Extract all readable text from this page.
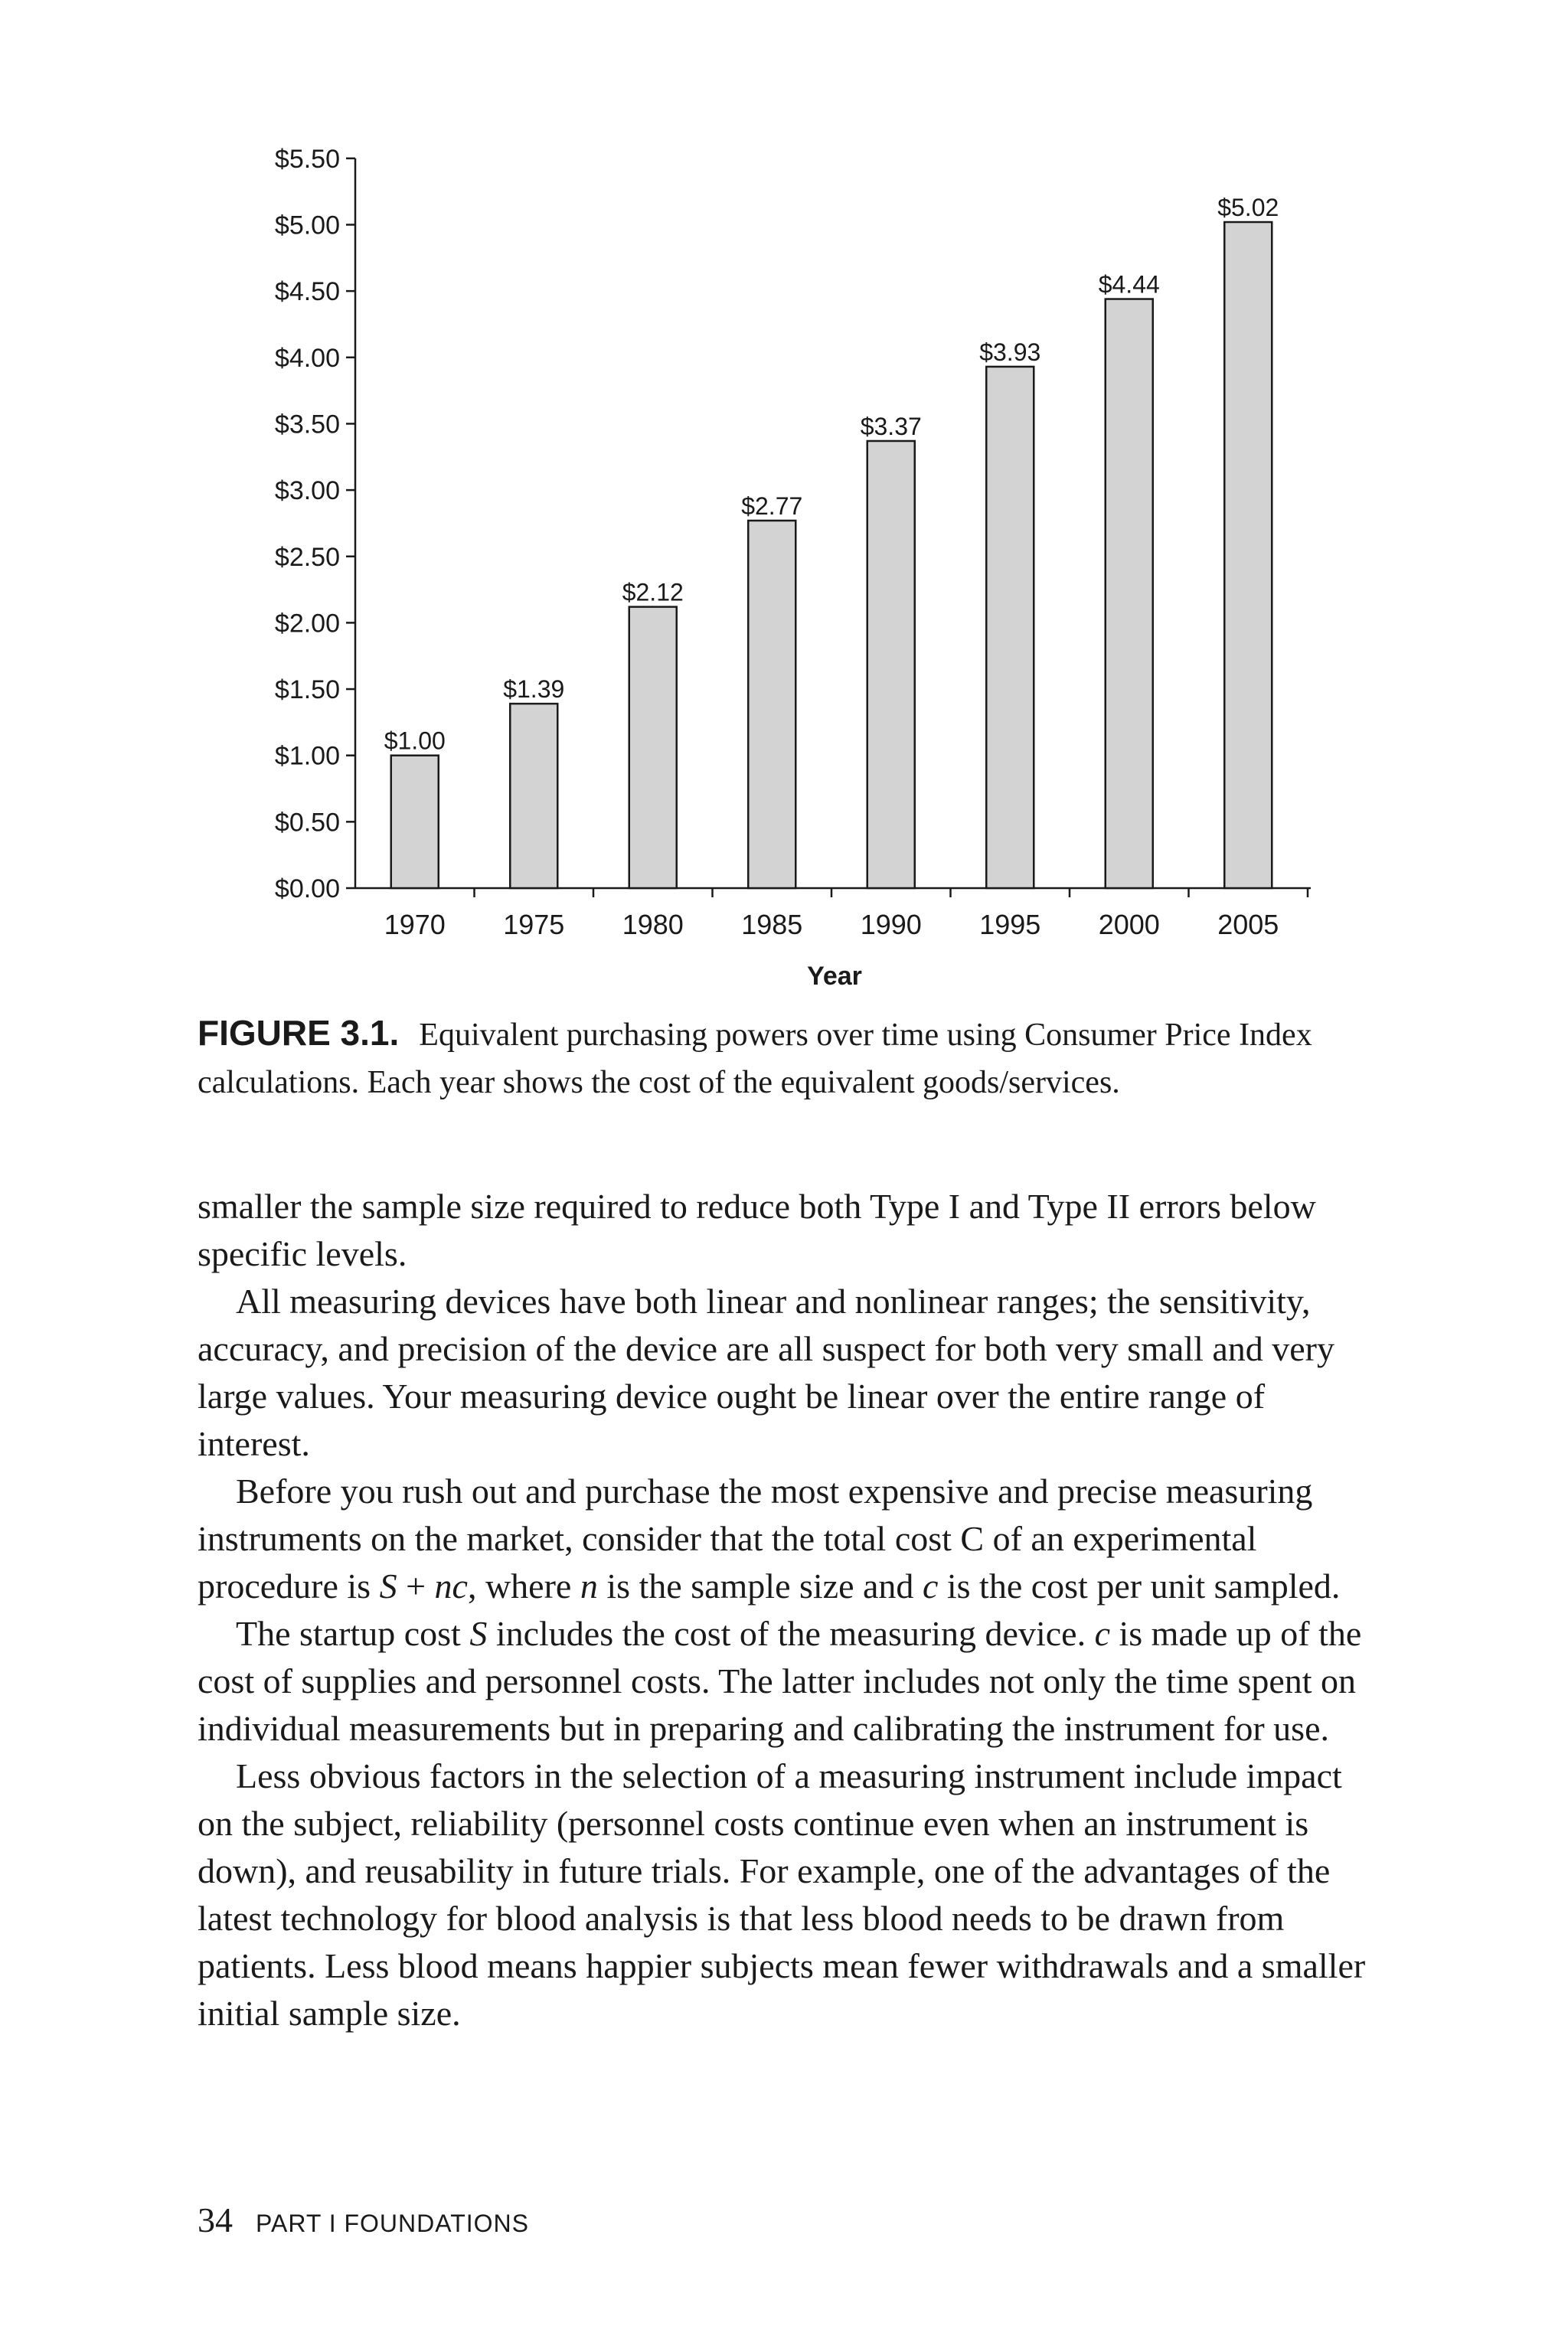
$0.00
$0.50
$1.00
$1.50
$2.00
$2.50
$3.00
$3.50
$4.00
$4.50
$5.00
$5.50
1970 1975 1980 1985 1990 1995 2000 2005
$1.00
$1.39
$2.12
$2.77
$3.37
$3.93
$4.44
$5.02
Year
FIGURE 3.1. Equivalent purchasing powers over time using Consumer Price Index calculations. Each year shows the cost of the equivalent goods/services.

smaller the sample size required to reduce both Type I and Type II errors below specific levels.

All measuring devices have both linear and nonlinear ranges; the sensitivity, accuracy, and precision of the device are all suspect for both very small and very large values. Your measuring device ought be linear over the entire range of interest.

Before you rush out and purchase the most expensive and precise measuring instruments on the market, consider that the total cost C of an experimental procedure is S + nc, where n is the sample size and c is the cost per unit sampled.

The startup cost S includes the cost of the measuring device. c is made up of the cost of supplies and personnel costs. The latter includes not only the time spent on individual measurements but in preparing and calibrating the instrument for use.

Less obvious factors in the selection of a measuring instrument include impact on the subject, reliability (personnel costs continue even when an instrument is down), and reusability in future trials. For example, one of the advantages of the latest technology for blood analysis is that less blood needs to be drawn from patients. Less blood means happier subjects mean fewer withdrawals and a smaller initial sample size.

34 PART I FOUNDATIONS
